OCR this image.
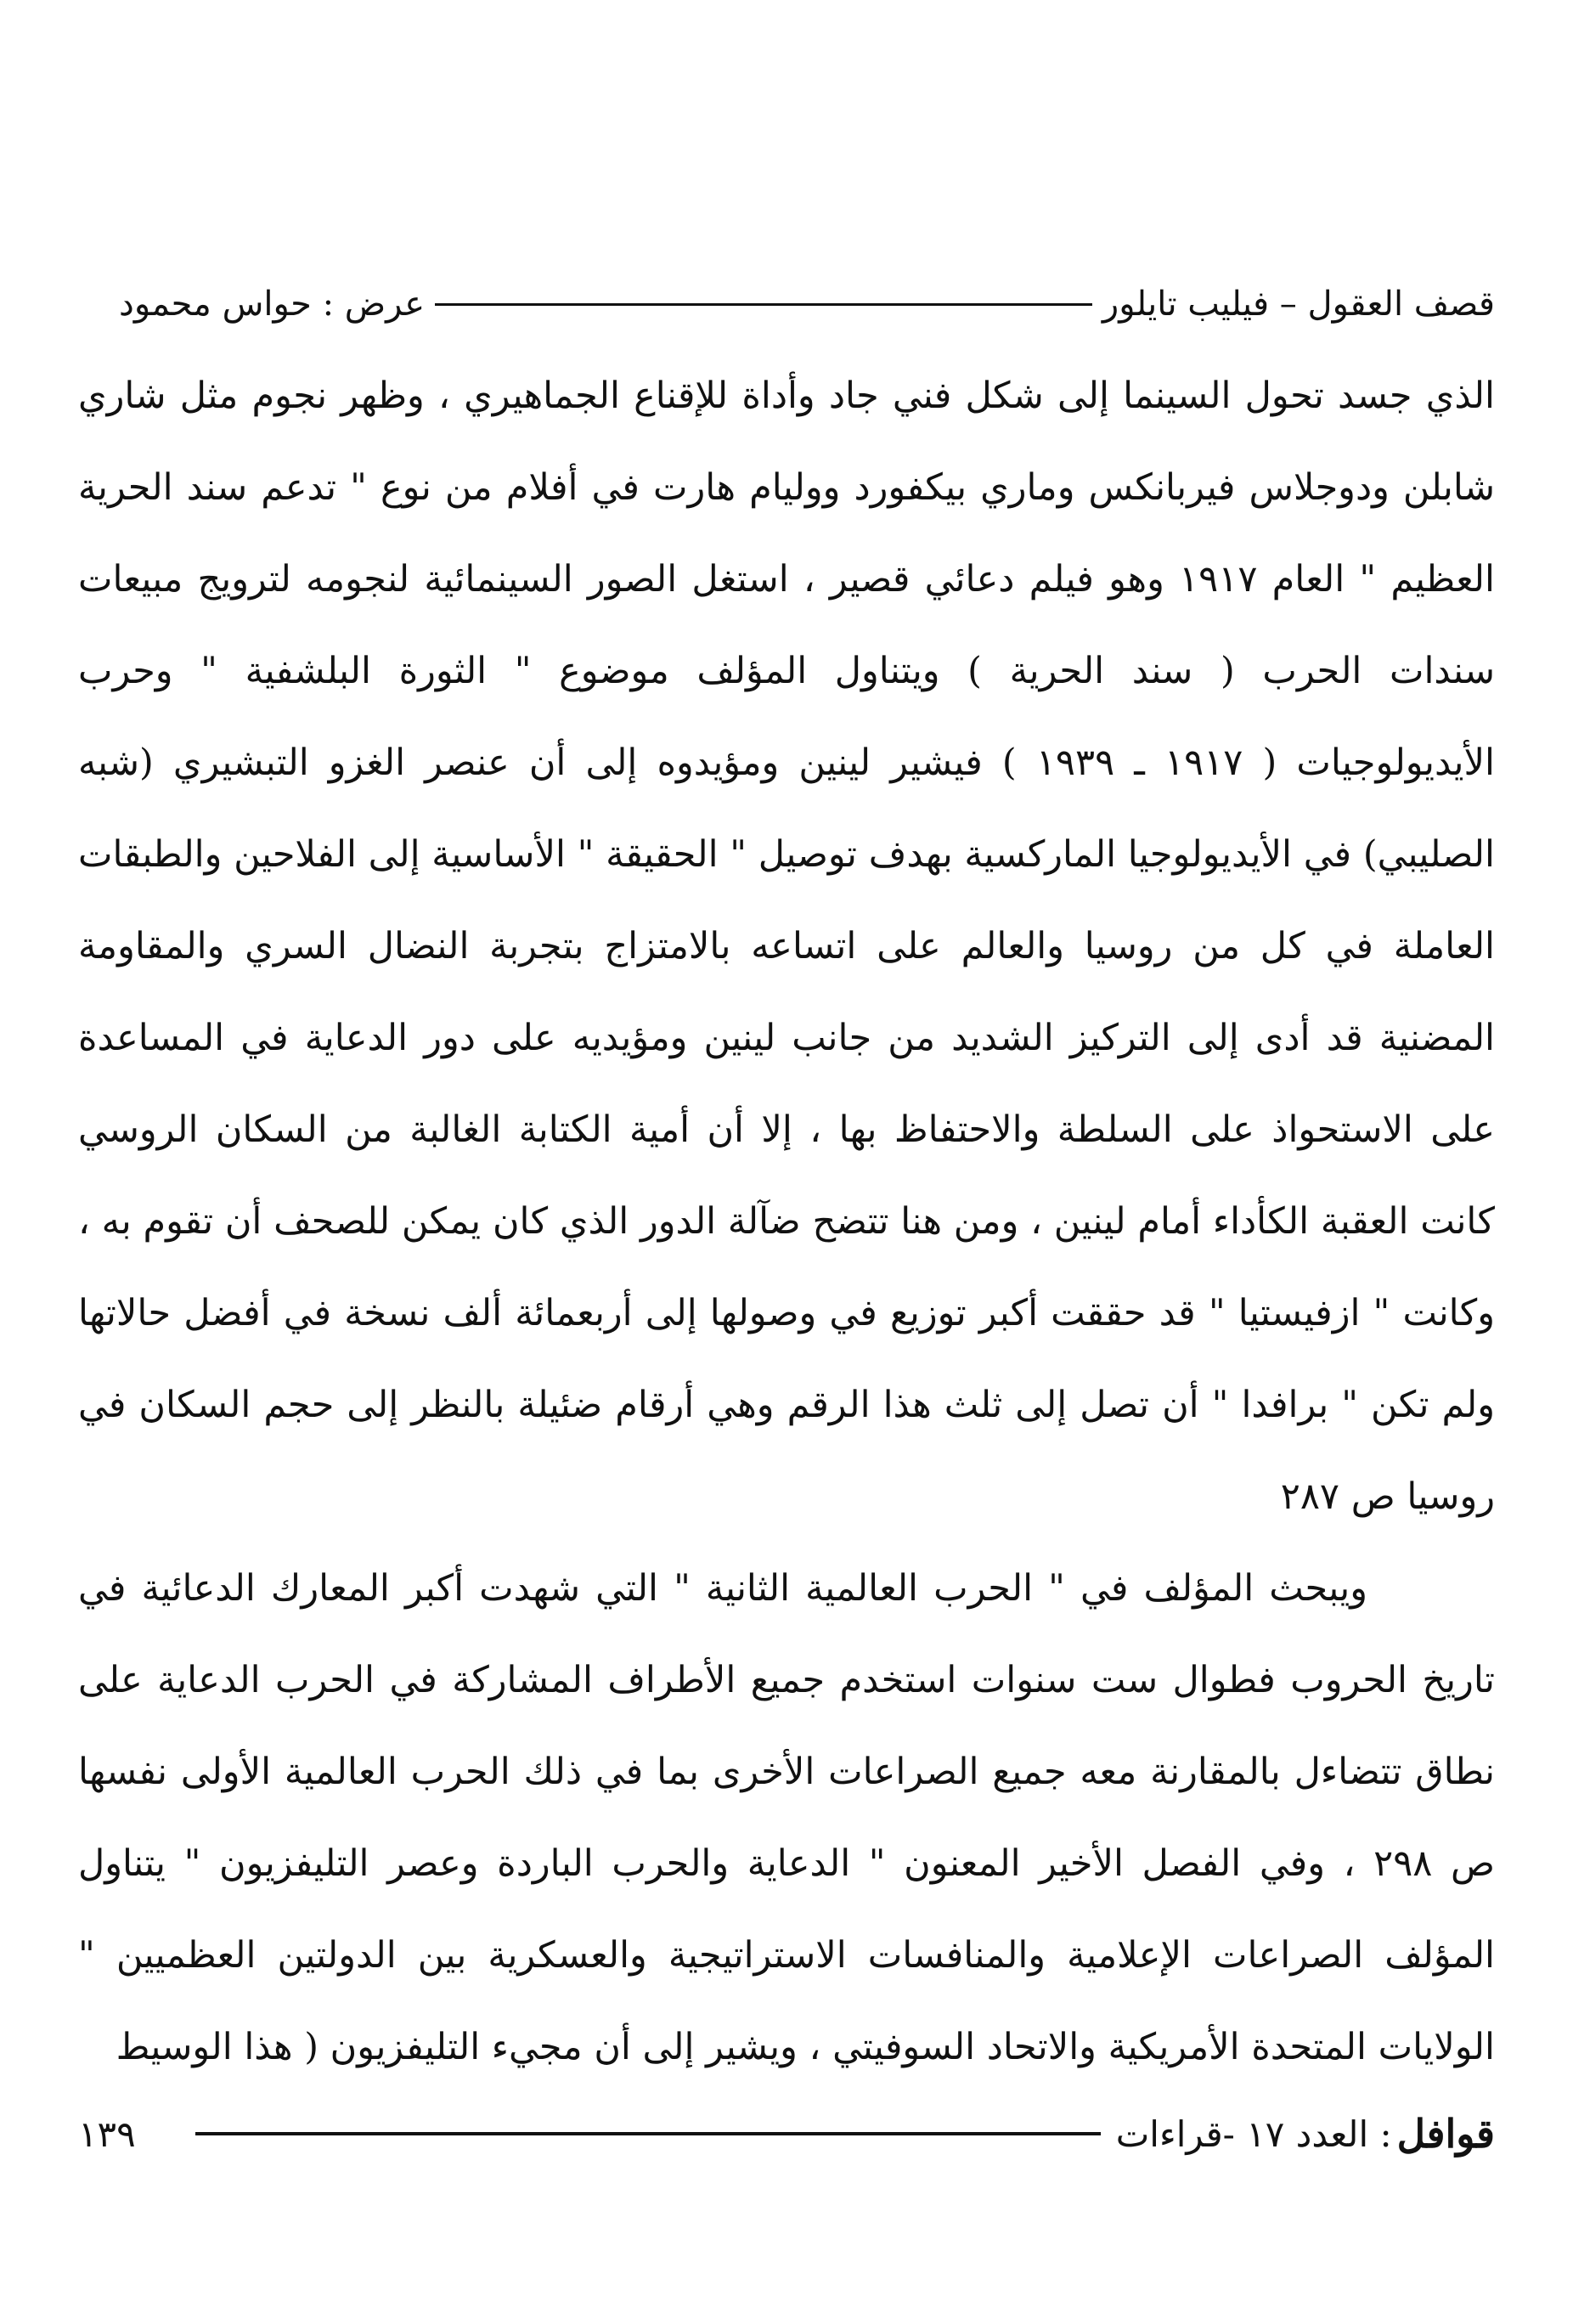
قصف العقول – فيليب تايلور
عرض : حواس محمود

الذي جسد تحول السينما إلى شكل فني جاد وأداة للإقناع الجماهيري ، وظهر نجوم مثل شاري شابلن ودوجلاس فيربانكس وماري بيكفورد ووليام هارت في أفلام من نوع " تدعم سند الحرية العظيم " العام ١٩١٧ وهو فيلم دعائي قصير ، استغل الصور السينمائية لنجومه لترويج مبيعات سندات الحرب ( سند الحرية ) ويتناول المؤلف موضوع " الثورة البلشفية " وحرب الأيديولوجيات ( ١٩١٧ ـ ١٩٣٩ ) فيشير لينين ومؤيدوه إلى أن عنصر الغزو التبشيري (شبه الصليبي) في الأيديولوجيا الماركسية بهدف توصيل " الحقيقة " الأساسية إلى الفلاحين والطبقات العاملة في كل من روسيا والعالم على اتساعه بالامتزاج بتجربة النضال السري والمقاومة المضنية قد أدى إلى التركيز الشديد من جانب لينين ومؤيديه على دور الدعاية في المساعدة على الاستحواذ على السلطة والاحتفاظ بها ، إلا أن أمية الكتابة الغالبة من السكان الروسي كانت العقبة الكأداء أمام لينين ، ومن هنا تتضح ضآلة الدور الذي كان يمكن للصحف أن تقوم به ، وكانت " ازفيستيا " قد حققت أكبر توزيع في وصولها إلى أربعمائة ألف نسخة في أفضل حالاتها ولم تكن " برافدا " أن تصل إلى ثلث هذا الرقم وهي أرقام ضئيلة بالنظر إلى حجم السكان في روسيا ص ٢٨٧

ويبحث المؤلف في " الحرب العالمية الثانية " التي شهدت أكبر المعارك الدعائية في تاريخ الحروب فطوال ست سنوات استخدم جميع الأطراف المشاركة في الحرب الدعاية على نطاق تتضاءل بالمقارنة معه جميع الصراعات الأخرى بما في ذلك الحرب العالمية الأولى نفسها ص ٢٩٨ ، وفي الفصل الأخير المعنون " الدعاية والحرب الباردة وعصر التليفزيون " يتناول المؤلف الصراعات الإعلامية والمنافسات الاستراتيجية والعسكرية بين الدولتين العظميين " الولايات المتحدة الأمريكية والاتحاد السوفيتي ، ويشير إلى أن مجيء التليفزيون ( هذا الوسيط

قوافل
: العدد ١٧ -قراءات
١٣٩
